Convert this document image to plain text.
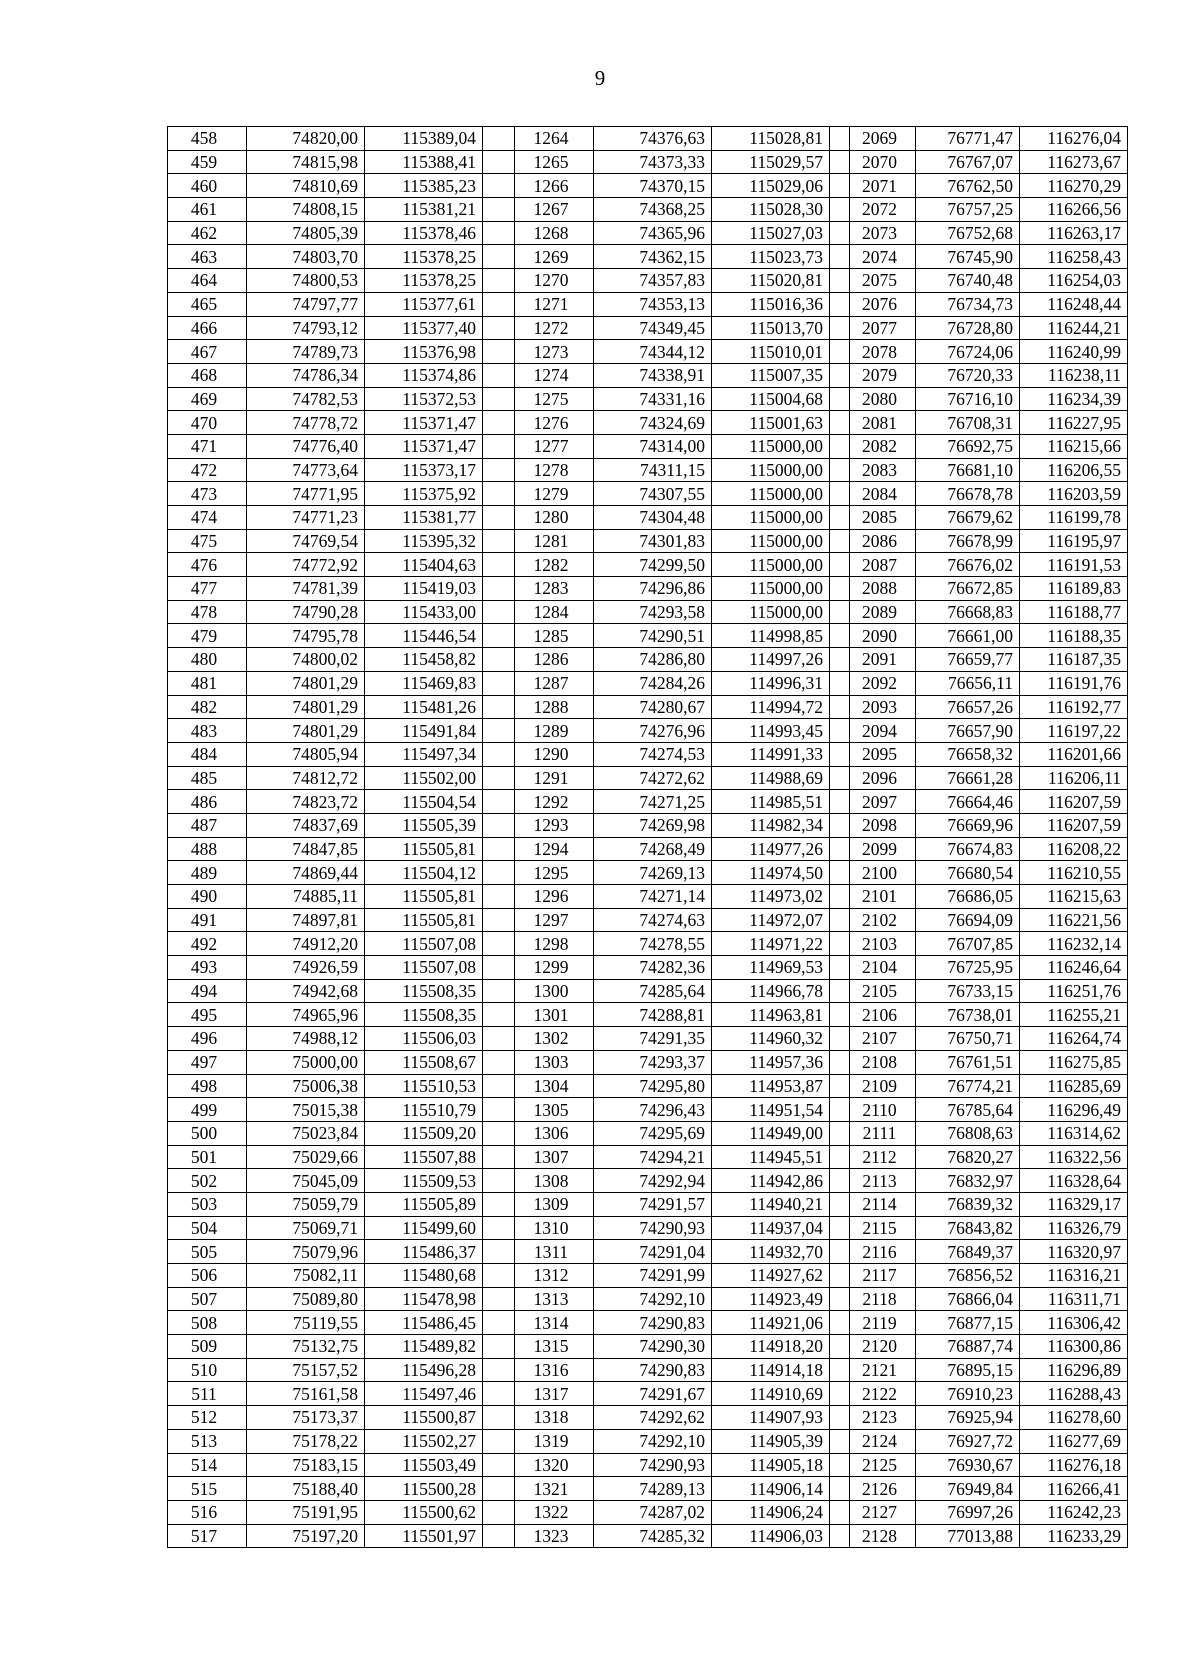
9
458	74820,00	115389,04		1264	74376,63	115028,81		2069	76771,47	116276,04
459	74815,98	115388,41		1265	74373,33	115029,57		2070	76767,07	116273,67
460	74810,69	115385,23		1266	74370,15	115029,06		2071	76762,50	116270,29
461	74808,15	115381,21		1267	74368,25	115028,30		2072	76757,25	116266,56
462	74805,39	115378,46		1268	74365,96	115027,03		2073	76752,68	116263,17
463	74803,70	115378,25		1269	74362,15	115023,73		2074	76745,90	116258,43
464	74800,53	115378,25		1270	74357,83	115020,81		2075	76740,48	116254,03
465	74797,77	115377,61		1271	74353,13	115016,36		2076	76734,73	116248,44
466	74793,12	115377,40		1272	74349,45	115013,70		2077	76728,80	116244,21
467	74789,73	115376,98		1273	74344,12	115010,01		2078	76724,06	116240,99
468	74786,34	115374,86		1274	74338,91	115007,35		2079	76720,33	116238,11
469	74782,53	115372,53		1275	74331,16	115004,68		2080	76716,10	116234,39
470	74778,72	115371,47		1276	74324,69	115001,63		2081	76708,31	116227,95
471	74776,40	115371,47		1277	74314,00	115000,00		2082	76692,75	116215,66
472	74773,64	115373,17		1278	74311,15	115000,00		2083	76681,10	116206,55
473	74771,95	115375,92		1279	74307,55	115000,00		2084	76678,78	116203,59
474	74771,23	115381,77		1280	74304,48	115000,00		2085	76679,62	116199,78
475	74769,54	115395,32		1281	74301,83	115000,00		2086	76678,99	116195,97
476	74772,92	115404,63		1282	74299,50	115000,00		2087	76676,02	116191,53
477	74781,39	115419,03		1283	74296,86	115000,00		2088	76672,85	116189,83
478	74790,28	115433,00		1284	74293,58	115000,00		2089	76668,83	116188,77
479	74795,78	115446,54		1285	74290,51	114998,85		2090	76661,00	116188,35
480	74800,02	115458,82		1286	74286,80	114997,26		2091	76659,77	116187,35
481	74801,29	115469,83		1287	74284,26	114996,31		2092	76656,11	116191,76
482	74801,29	115481,26		1288	74280,67	114994,72		2093	76657,26	116192,77
483	74801,29	115491,84		1289	74276,96	114993,45		2094	76657,90	116197,22
484	74805,94	115497,34		1290	74274,53	114991,33		2095	76658,32	116201,66
485	74812,72	115502,00		1291	74272,62	114988,69		2096	76661,28	116206,11
486	74823,72	115504,54		1292	74271,25	114985,51		2097	76664,46	116207,59
487	74837,69	115505,39		1293	74269,98	114982,34		2098	76669,96	116207,59
488	74847,85	115505,81		1294	74268,49	114977,26		2099	76674,83	116208,22
489	74869,44	115504,12		1295	74269,13	114974,50		2100	76680,54	116210,55
490	74885,11	115505,81		1296	74271,14	114973,02		2101	76686,05	116215,63
491	74897,81	115505,81		1297	74274,63	114972,07		2102	76694,09	116221,56
492	74912,20	115507,08		1298	74278,55	114971,22		2103	76707,85	116232,14
493	74926,59	115507,08		1299	74282,36	114969,53		2104	76725,95	116246,64
494	74942,68	115508,35		1300	74285,64	114966,78		2105	76733,15	116251,76
495	74965,96	115508,35		1301	74288,81	114963,81		2106	76738,01	116255,21
496	74988,12	115506,03		1302	74291,35	114960,32		2107	76750,71	116264,74
497	75000,00	115508,67		1303	74293,37	114957,36		2108	76761,51	116275,85
498	75006,38	115510,53		1304	74295,80	114953,87		2109	76774,21	116285,69
499	75015,38	115510,79		1305	74296,43	114951,54		2110	76785,64	116296,49
500	75023,84	115509,20		1306	74295,69	114949,00		2111	76808,63	116314,62
501	75029,66	115507,88		1307	74294,21	114945,51		2112	76820,27	116322,56
502	75045,09	115509,53		1308	74292,94	114942,86		2113	76832,97	116328,64
503	75059,79	115505,89		1309	74291,57	114940,21		2114	76839,32	116329,17
504	75069,71	115499,60		1310	74290,93	114937,04		2115	76843,82	116326,79
505	75079,96	115486,37		1311	74291,04	114932,70		2116	76849,37	116320,97
506	75082,11	115480,68		1312	74291,99	114927,62		2117	76856,52	116316,21
507	75089,80	115478,98		1313	74292,10	114923,49		2118	76866,04	116311,71
508	75119,55	115486,45		1314	74290,83	114921,06		2119	76877,15	116306,42
509	75132,75	115489,82		1315	74290,30	114918,20		2120	76887,74	116300,86
510	75157,52	115496,28		1316	74290,83	114914,18		2121	76895,15	116296,89
511	75161,58	115497,46		1317	74291,67	114910,69		2122	76910,23	116288,43
512	75173,37	115500,87		1318	74292,62	114907,93		2123	76925,94	116278,60
513	75178,22	115502,27		1319	74292,10	114905,39		2124	76927,72	116277,69
514	75183,15	115503,49		1320	74290,93	114905,18		2125	76930,67	116276,18
515	75188,40	115500,28		1321	74289,13	114906,14		2126	76949,84	116266,41
516	75191,95	115500,62		1322	74287,02	114906,24		2127	76997,26	116242,23
517	75197,20	115501,97		1323	74285,32	114906,03		2128	77013,88	116233,29
